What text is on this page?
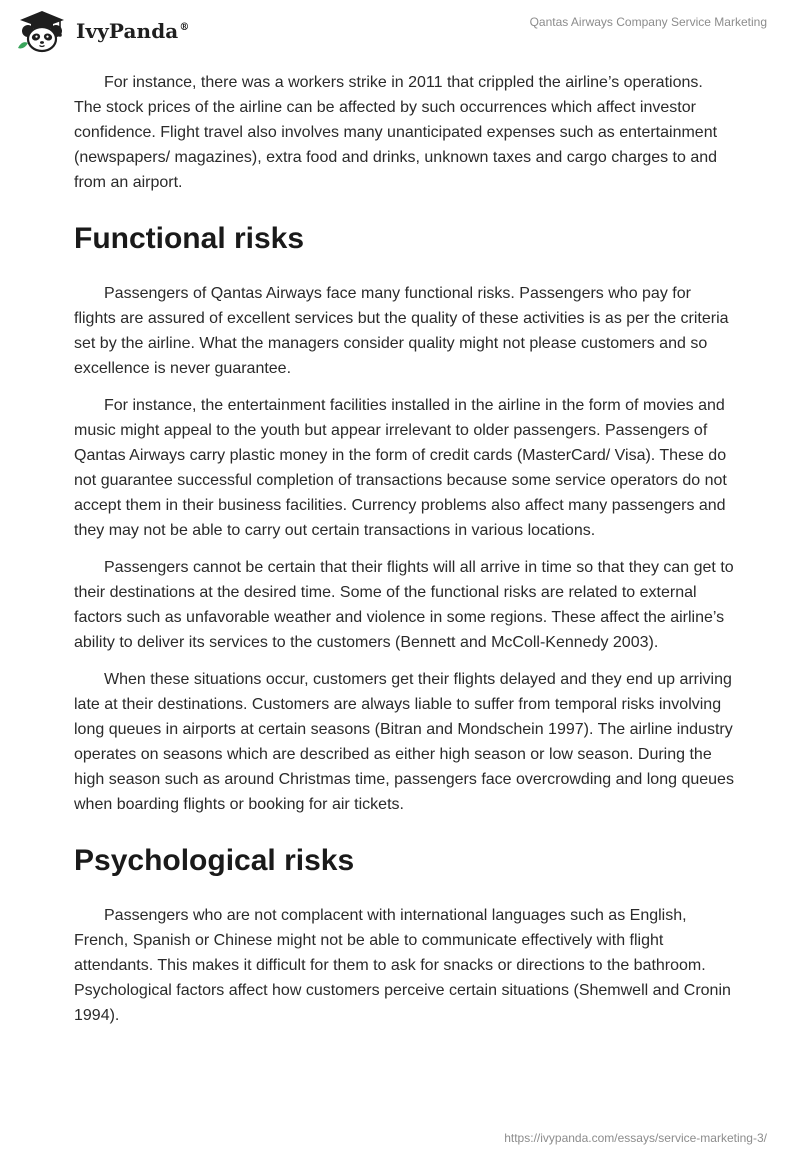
IvyPanda®	Qantas Airways Company Service Marketing

For instance, there was a workers strike in 2011 that crippled the airline’s operations. The stock prices of the airline can be affected by such occurrences which affect investor confidence. Flight travel also involves many unanticipated expenses such as entertainment (newspapers/ magazines), extra food and drinks, unknown taxes and cargo charges to and from an airport.

Functional risks

Passengers of Qantas Airways face many functional risks. Passengers who pay for flights are assured of excellent services but the quality of these activities is as per the criteria set by the airline. What the managers consider quality might not please customers and so excellence is never guarantee.

For instance, the entertainment facilities installed in the airline in the form of movies and music might appeal to the youth but appear irrelevant to older passengers. Passengers of Qantas Airways carry plastic money in the form of credit cards (MasterCard/ Visa). These do not guarantee successful completion of transactions because some service operators do not accept them in their business facilities. Currency problems also affect many passengers and they may not be able to carry out certain transactions in various locations.

Passengers cannot be certain that their flights will all arrive in time so that they can get to their destinations at the desired time. Some of the functional risks are related to external factors such as unfavorable weather and violence in some regions. These affect the airline’s ability to deliver its services to the customers (Bennett and McColl-Kennedy 2003).

When these situations occur, customers get their flights delayed and they end up arriving late at their destinations. Customers are always liable to suffer from temporal risks involving long queues in airports at certain seasons (Bitran and Mondschein 1997). The airline industry operates on seasons which are described as either high season or low season. During the high season such as around Christmas time, passengers face overcrowding and long queues when boarding flights or booking for air tickets.

Psychological risks

Passengers who are not complacent with international languages such as English, French, Spanish or Chinese might not be able to communicate effectively with flight attendants. This makes it difficult for them to ask for snacks or directions to the bathroom. Psychological factors affect how customers perceive certain situations (Shemwell and Cronin 1994).

https://ivypanda.com/essays/service-marketing-3/
